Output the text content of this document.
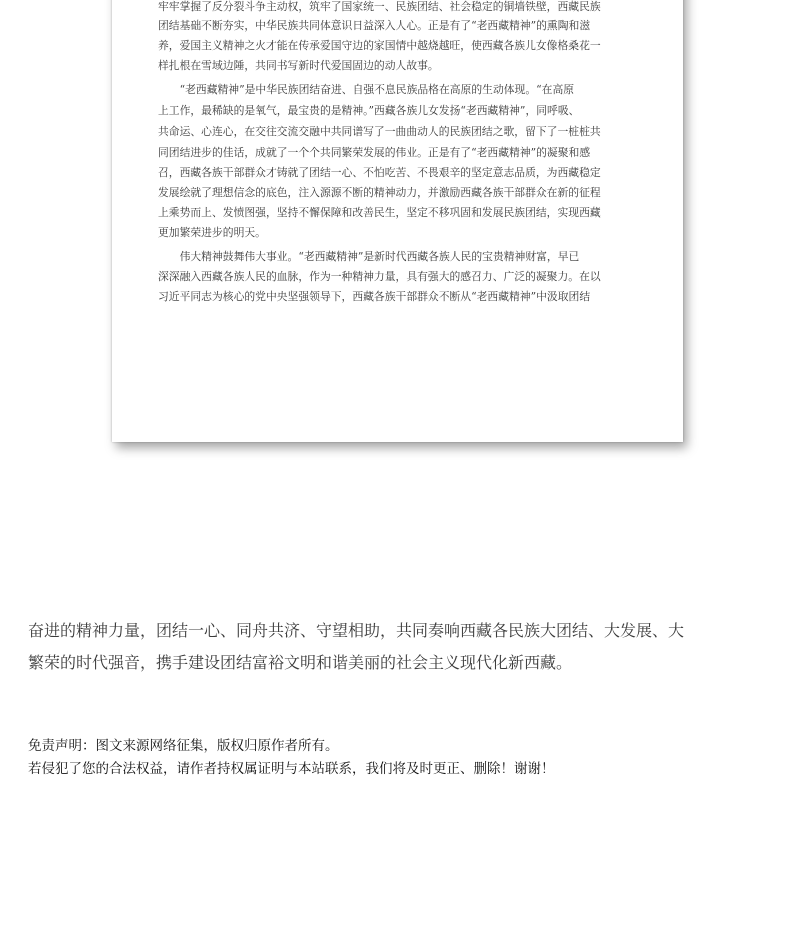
牢牢掌握了反分裂斗争主动权，筑牢了国家统一、民族团结、社会稳定的铜墙铁壁，西藏民族
团结基础不断夯实，中华民族共同体意识日益深入人心。正是有了“老西藏精神”的熏陶和滋
养，爱国主义精神之火才能在传承爱国守边的家国情中越烧越旺，使西藏各族儿女像格桑花一
样扎根在雪域边陲，共同书写新时代爱国固边的动人故事。
　　“老西藏精神”是中华民族团结奋进、自强不息民族品格在高原的生动体现。“在高原
上工作，最稀缺的是氧气，最宝贵的是精神。”西藏各族儿女发扬“老西藏精神”，同呼吸、
共命运、心连心，在交往交流交融中共同谱写了一曲曲动人的民族团结之歌，留下了一桩桩共
同团结进步的佳话，成就了一个个共同繁荣发展的伟业。正是有了“老西藏精神”的凝聚和感
召，西藏各族干部群众才铸就了团结一心、不怕吃苦、不畏艰辛的坚定意志品质，为西藏稳定
发展绘就了理想信念的底色，注入源源不断的精神动力，并激励西藏各族干部群众在新的征程
上乘势而上、发愤图强，坚持不懈保障和改善民生，坚定不移巩固和发展民族团结，实现西藏
更加繁荣进步的明天。
　　伟大精神鼓舞伟大事业。“老西藏精神”是新时代西藏各族人民的宝贵精神财富，早已
深深融入西藏各族人民的血脉，作为一种精神力量，具有强大的感召力、广泛的凝聚力。在以
习近平同志为核心的党中央坚强领导下，西藏各族干部群众不断从“老西藏精神”中汲取团结
奋进的精神力量，团结一心、同舟共济、守望相助，共同奏响西藏各民族大团结、大发展、大
繁荣的时代强音，携手建设团结富裕文明和谐美丽的社会主义现代化新西藏。
免责声明：图文来源网络征集，版权归原作者所有。
若侵犯了您的合法权益，请作者持权属证明与本站联系，我们将及时更正、删除！谢谢！
